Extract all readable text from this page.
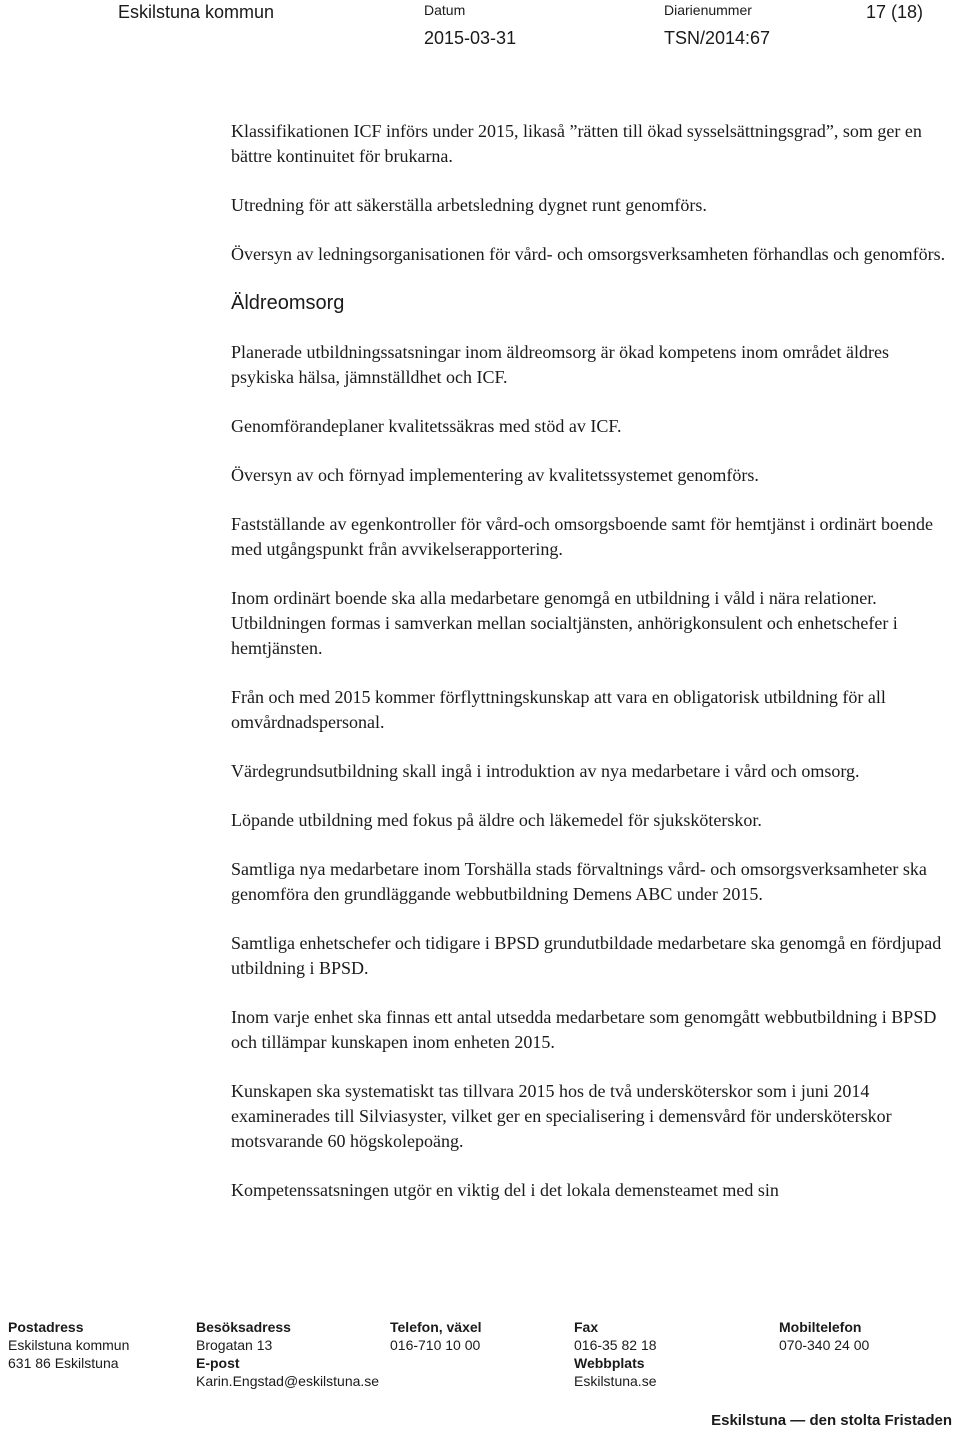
Eskilstuna kommun	Datum
2015-03-31
Diarienummer
TSN/2014:67
17 (18)

Klassifikationen ICF införs under 2015, likaså ”rätten till ökad sysselsättningsgrad”, som ger en bättre kontinuitet för brukarna.

Utredning för att säkerställa arbetsledning dygnet runt genomförs.

Översyn av ledningsorganisationen för vård- och omsorgsverksamheten förhandlas och genomförs.

Äldreomsorg

Planerade utbildningssatsningar inom äldreomsorg är ökad kompetens inom området äldres psykiska hälsa, jämnställdhet och ICF.

Genomförandeplaner kvalitetssäkras med stöd av ICF.

Översyn av och förnyad implementering av kvalitetssystemet genomförs.

Fastställande av egenkontroller för vård-och omsorgsboende samt för hemtjänst i ordinärt boende med utgångspunkt från avvikelserapportering.

Inom ordinärt boende ska alla medarbetare genomgå en utbildning i våld i nära relationer. Utbildningen formas i samverkan mellan socialtjänsten, anhörigkonsulent och enhetschefer i hemtjänsten.

Från och med 2015 kommer förflyttningskunskap att vara en obligatorisk utbildning för all omvårdnadspersonal.

Värdegrundsutbildning skall ingå i introduktion av nya medarbetare i vård och omsorg.

Löpande utbildning med fokus på äldre och läkemedel för sjuksköterskor.

Samtliga nya medarbetare inom Torshälla stads förvaltnings vård- och omsorgsverksamheter ska genomföra den grundläggande webbutbildning Demens ABC under 2015.

Samtliga enhetschefer och tidigare i BPSD grundutbildade medarbetare ska genomgå en fördjupad utbildning i BPSD.

Inom varje enhet ska finnas ett antal utsedda medarbetare som genomgått webbutbildning i BPSD och tillämpar kunskapen inom enheten 2015.

Kunskapen ska systematiskt tas tillvara 2015 hos de två undersköterskor som i juni 2014 examinerades till Silviasyster, vilket ger en specialisering i demensvård för undersköterskor motsvarande 60 högskolepoäng.

Kompetenssatsningen utgör en viktig del i det lokala demensteamet med sin

Postadress
Eskilstuna kommun
631 86 Eskilstuna
Besöksadress
Brogatan 13
E-post
Karin.Engstad@eskilstuna.se
Telefon, växel
016-710 10 00
Fax
016-35 82 18
Webbplats
Eskilstuna.se
Mobiltelefon
070-340 24 00
Eskilstuna — den stolta Fristaden
